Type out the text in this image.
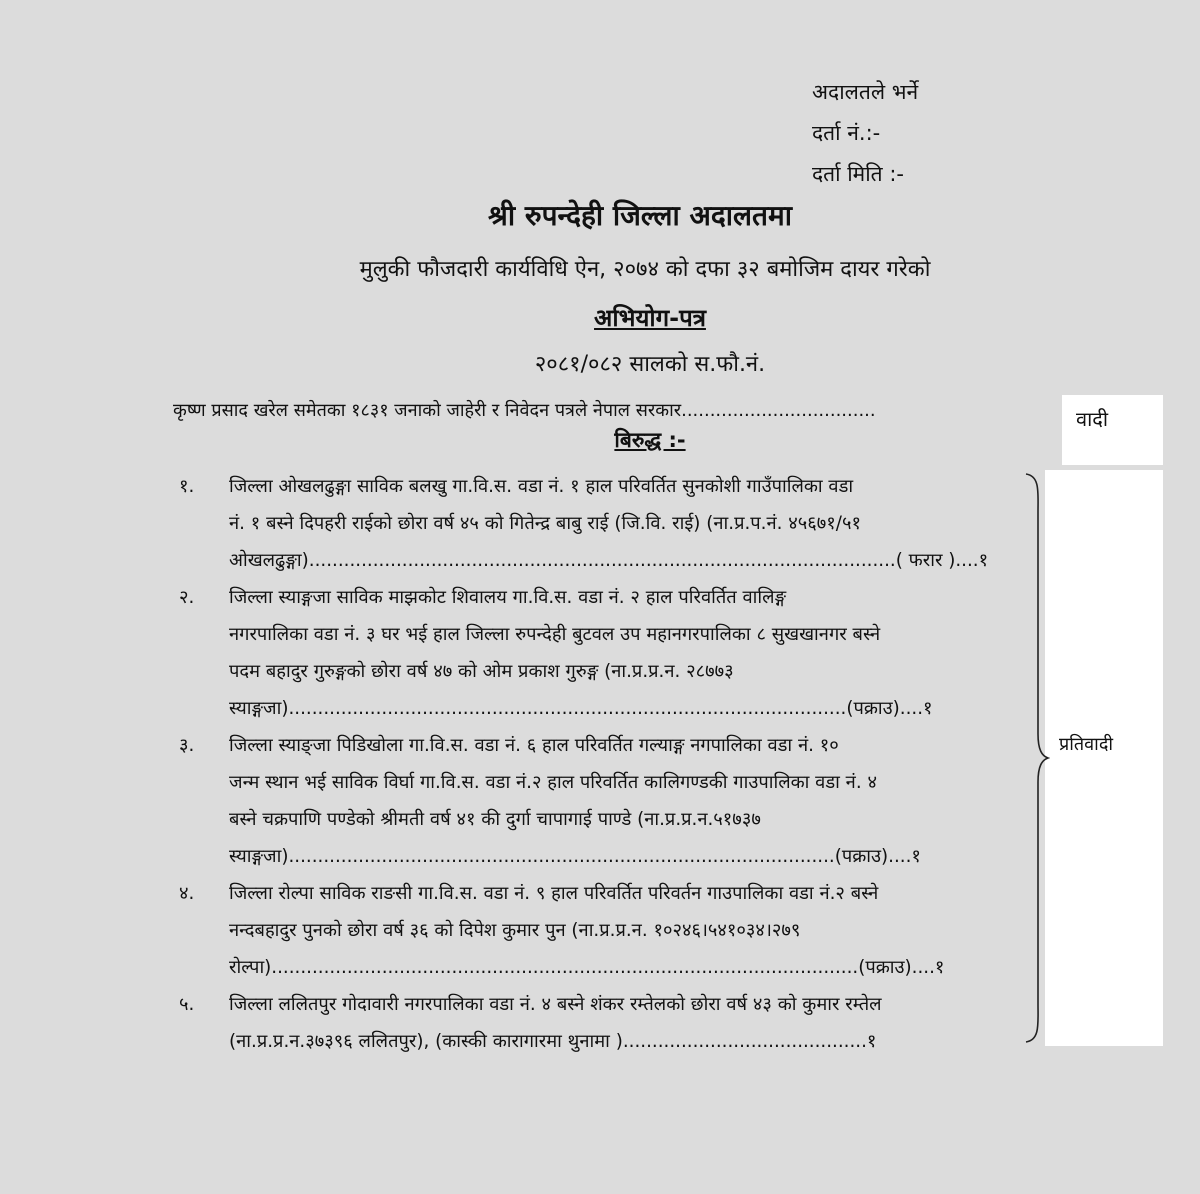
अदालतले भर्ने
दर्ता नं.:-
दर्ता मिति :-
श्री रुपन्देही जिल्ला अदालतमा
मुलुकी फौजदारी कार्यविधि ऐन, २०७४ को दफा ३२ बमोजिम दायर गरेको
अभियोग-पत्र
२०८१/०८२ सालको स.फौ.नं.
कृष्ण प्रसाद खरेल समेतका १८३१ जनाको जाहेरी र निवेदन पत्रले नेपाल सरकार..................................	वादी
बिरुद्ध :-
प्रतिवादी
१. जिल्ला ओखलढुङ्गा साविक बलखु गा.वि.स. वडा नं. १ हाल परिवर्तित सुनकोशी गाउँपालिका वडा
नं. १ बस्ने दिपहरी राईको छोरा वर्ष ४५ को गितेन्द्र बाबु राई (जि.वि. राई) (ना.प्र.प.नं. ४५६७१/५१
ओखलढुङ्गा).....................................................................................................( फरार )....१
२. जिल्ला स्याङ्गजा साविक माझकोट शिवालय गा.वि.स. वडा नं. २ हाल परिवर्तित वालिङ्ग
नगरपालिका वडा नं. ३ घर भई हाल जिल्ला रुपन्देही बुटवल उप महानगरपालिका ८ सुखखानगर बस्ने
पदम बहादुर गुरुङ्गको छोरा वर्ष ४७ को ओम प्रकाश गुरुङ्ग (ना.प्र.प्र.न. २८७७३
स्याङ्गजा)................................................................................................(पक्राउ)....१
३. जिल्ला स्याङ्जा पिडिखोला गा.वि.स. वडा नं. ६ हाल परिवर्तित गल्याङ्ग नगपालिका वडा नं. १०
जन्म स्थान भई साविक विर्घा गा.वि.स. वडा नं.२ हाल परिवर्तित कालिगण्डकी गाउपालिका वडा नं. ४
बस्ने चक्रपाणि पण्डेको श्रीमती वर्ष ४१ की दुर्गा चापागाई पाण्डे (ना.प्र.प्र.न.५१७३७
स्याङ्गजा)..............................................................................................(पक्राउ)....१
४. जिल्ला रोल्पा साविक राङसी गा.वि.स. वडा नं. ९ हाल परिवर्तित परिवर्तन गाउपालिका वडा नं.२ बस्ने
नन्दबहादुर पुनको छोरा वर्ष ३६ को दिपेश कुमार पुन (ना.प्र.प्र.न. १०२४६।५४१०३४।२७९
रोल्पा).....................................................................................................(पक्राउ)....१
५. जिल्ला ललितपुर गोदावारी नगरपालिका वडा नं. ४ बस्ने शंकर रम्तेलको छोरा वर्ष ४३ को कुमार रम्तेल
(ना.प्र.प्र.न.३७३९६ ललितपुर), (कास्की कारागारमा थुनामा )..........................................१
